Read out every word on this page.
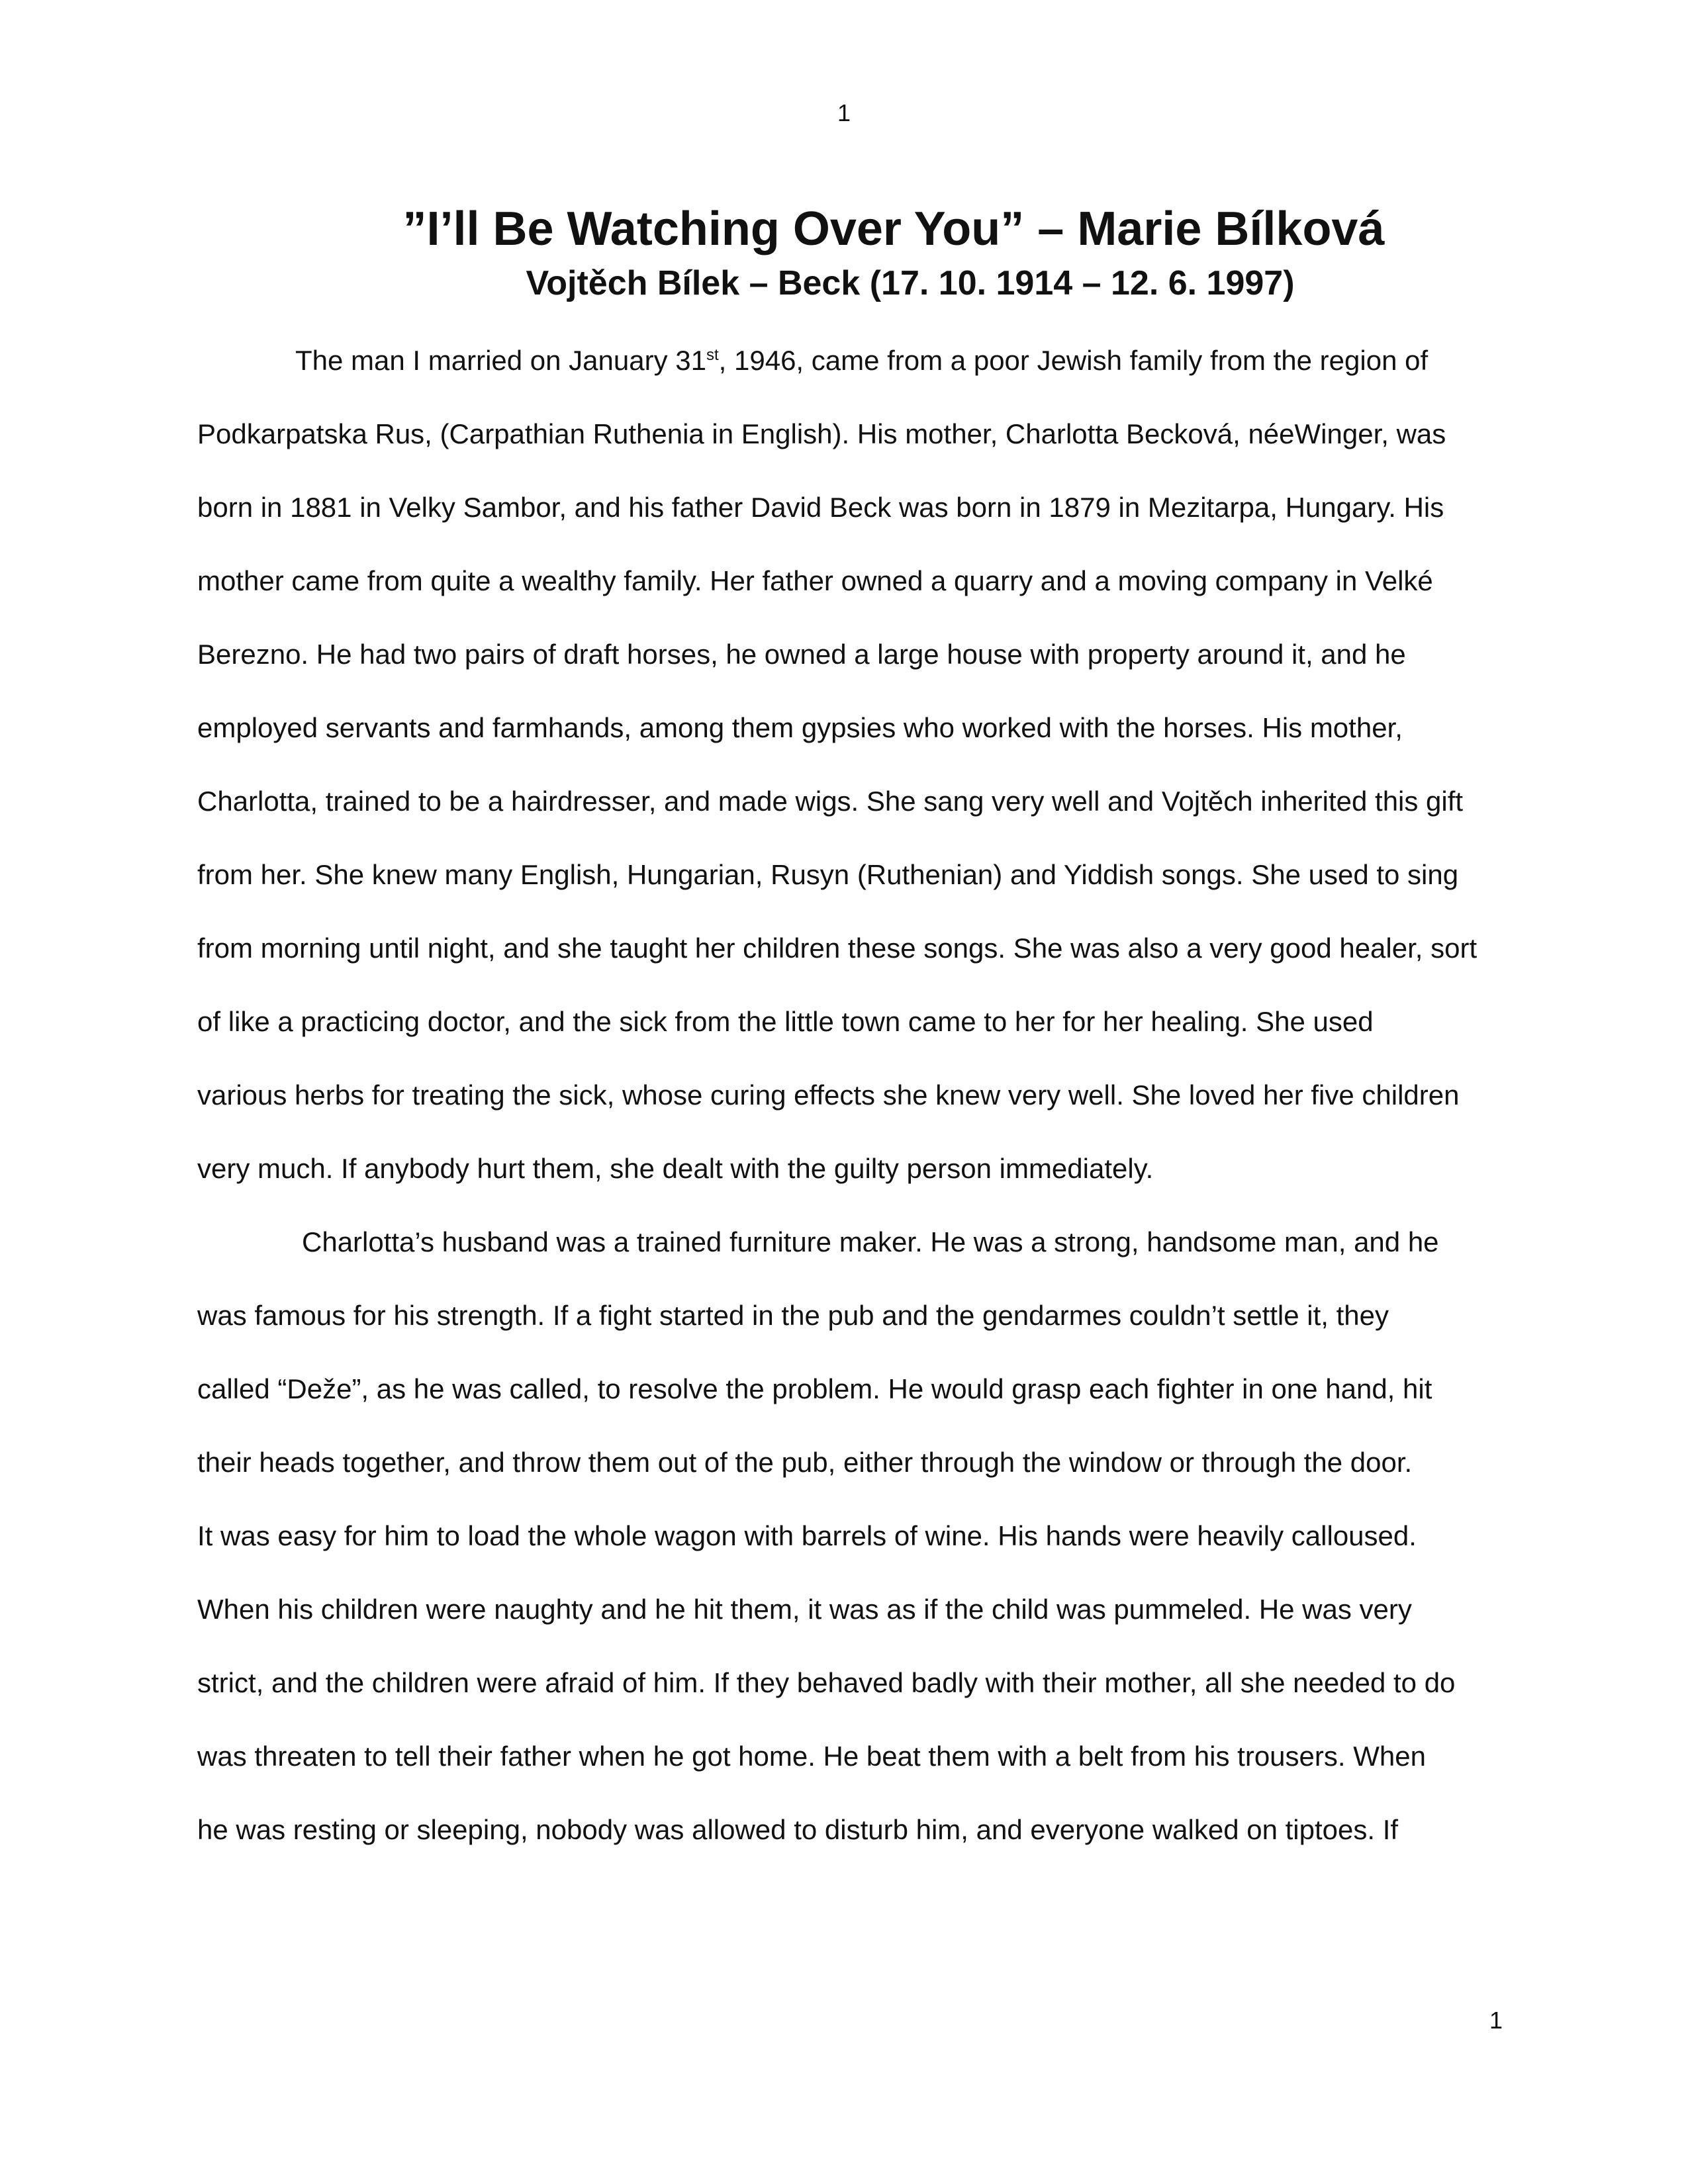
1
”I’ll Be Watching Over You” – Marie Bílková
Vojtěch Bílek – Beck (17. 10. 1914 – 12. 6. 1997)
The man I married on January 31st, 1946, came from a poor Jewish family from the region of
Podkarpatska Rus, (Carpathian Ruthenia in English). His mother, Charlotta Becková, néeWinger, was
born in 1881 in Velky Sambor, and his father David Beck was born in 1879 in Mezitarpa, Hungary. His
mother came from quite a wealthy family. Her father owned a quarry and a moving company in Velké
Berezno. He had two pairs of draft horses, he owned a large house with property around it, and he
employed servants and farmhands, among them gypsies who worked with the horses. His mother,
Charlotta, trained to be a hairdresser, and made wigs. She sang very well and Vojtěch inherited this gift
from her. She knew many English, Hungarian, Rusyn (Ruthenian) and Yiddish songs. She used to sing
from morning until night, and she taught her children these songs. She was also a very good healer, sort
of like a practicing doctor, and the sick from the little town came to her for her healing. She used
various herbs for treating the sick, whose curing effects she knew very well. She loved her five children
very much. If anybody hurt them, she dealt with the guilty person immediately.
Charlotta’s husband was a trained furniture maker. He was a strong, handsome man, and he
was famous for his strength. If a fight started in the pub and the gendarmes couldn’t settle it, they
called “Deže”, as he was called, to resolve the problem. He would grasp each fighter in one hand, hit
their heads together, and throw them out of the pub, either through the window or through the door.
It was easy for him to load the whole wagon with barrels of wine. His hands were heavily calloused.
When his children were naughty and he hit them, it was as if the child was pummeled. He was very
strict, and the children were afraid of him. If they behaved badly with their mother, all she needed to do
was threaten to tell their father when he got home. He beat them with a belt from his trousers. When
he was resting or sleeping, nobody was allowed to disturb him, and everyone walked on tiptoes. If
1
